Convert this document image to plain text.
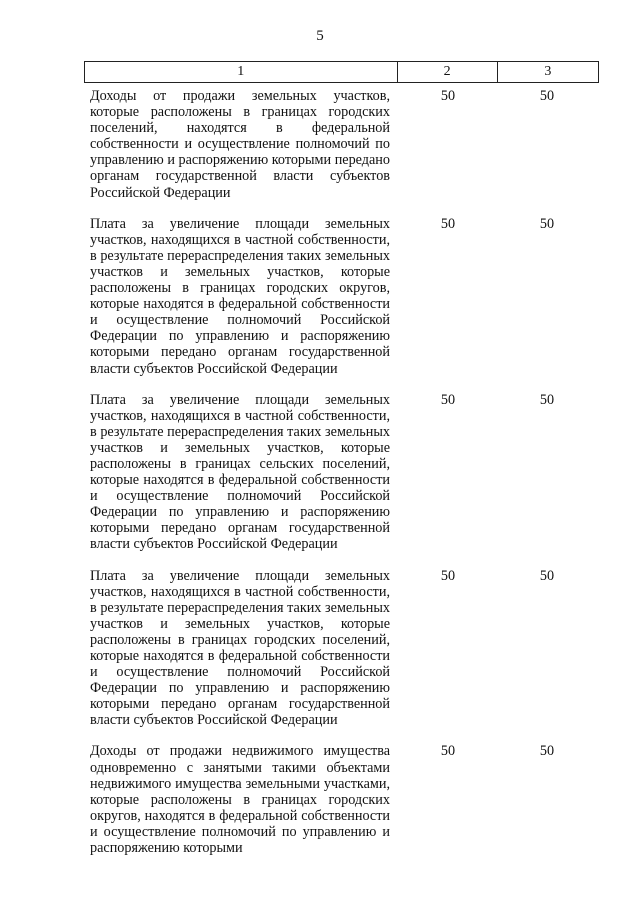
5
1	2	3
Доходы от продажи земельных участков, которые расположены в границах городских поселений, находятся в федеральной собственности и осуществление полномочий по управлению и распоряжению которыми передано органам государственной власти субъектов Российской Федерации
50	50
Плата за увеличение площади земельных участков, находящихся в частной собственности, в результате перераспределения таких земельных участков и земельных участков, которые расположены в границах городских округов, которые находятся в федеральной собственности и осуществление полномочий Российской Федерации по управлению и распоряжению которыми передано органам государственной власти субъектов Российской Федерации
50	50
Плата за увеличение площади земельных участков, находящихся в частной собственности, в результате перераспределения таких земельных участков и земельных участков, которые расположены в границах сельских поселений, которые находятся в федеральной собственности и осуществление полномочий Российской Федерации по управлению и распоряжению которыми передано органам государственной власти субъектов Российской Федерации
50	50
Плата за увеличение площади земельных участков, находящихся в частной собственности, в результате перераспределения таких земельных участков и земельных участков, которые расположены в границах городских поселений, которые находятся в федеральной собственности и осуществление полномочий Российской Федерации по управлению и распоряжению которыми передано органам государственной власти субъектов Российской Федерации
50	50
Доходы от продажи недвижимого имущества одновременно с занятыми такими объектами недвижимого имущества земельными участками, которые расположены в границах городских округов, находятся в федеральной собственности и осуществление полномочий по управлению и распоряжению которыми
50	50
